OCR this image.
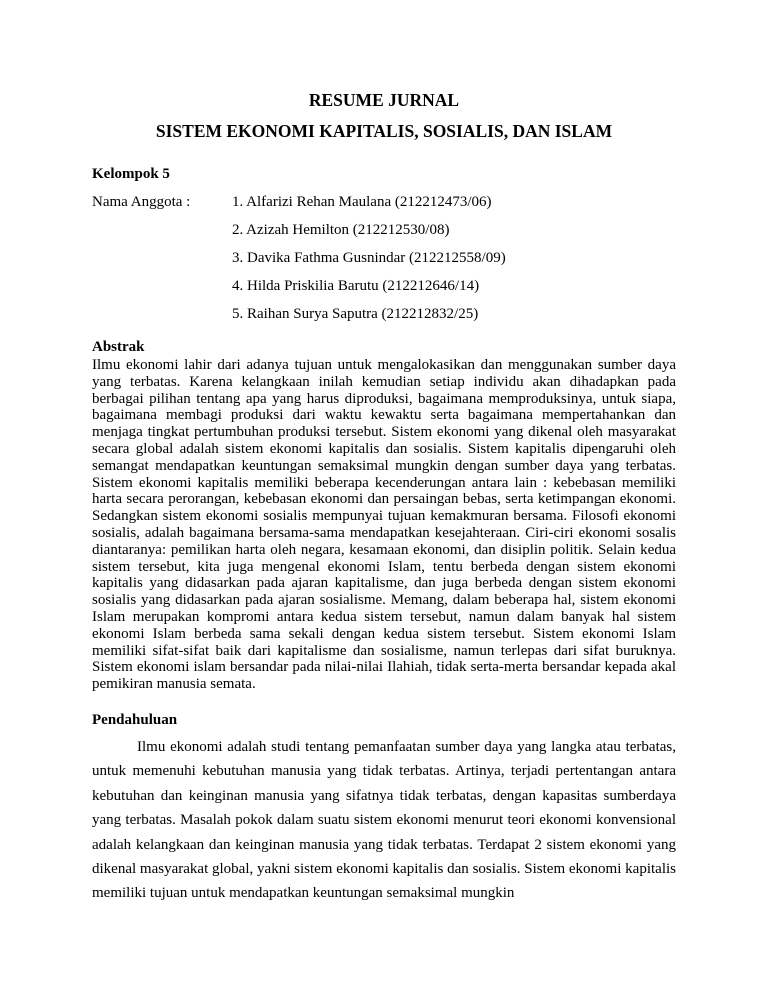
RESUME JURNAL
SISTEM EKONOMI KAPITALIS, SOSIALIS, DAN ISLAM
Kelompok 5
Nama Anggota :	1. Alfarizi Rehan Maulana (212212473/06)
2. Azizah Hemilton (212212530/08)
3. Davika Fathma Gusnindar (212212558/09)
4. Hilda Priskilia Barutu (212212646/14)
5. Raihan Surya Saputra (212212832/25)
Abstrak

Ilmu ekonomi lahir dari adanya tujuan untuk mengalokasikan dan menggunakan sumber daya yang terbatas. Karena kelangkaan inilah kemudian setiap individu akan dihadapkan pada berbagai pilihan tentang apa yang harus diproduksi, bagaimana memproduksinya, untuk siapa, bagaimana membagi produksi dari waktu kewaktu serta bagaimana mempertahankan dan menjaga tingkat pertumbuhan produksi tersebut. Sistem ekonomi yang dikenal oleh masyarakat secara global adalah sistem ekonomi kapitalis dan sosialis. Sistem kapitalis dipengaruhi oleh semangat mendapatkan keuntungan semaksimal mungkin dengan sumber daya yang terbatas. Sistem ekonomi kapitalis memiliki beberapa kecenderungan antara lain : kebebasan memiliki harta secara perorangan, kebebasan ekonomi dan persaingan bebas, serta ketimpangan ekonomi. Sedangkan sistem ekonomi sosialis mempunyai tujuan kemakmuran bersama. Filosofi ekonomi sosialis, adalah bagaimana bersama-sama mendapatkan kesejahteraan. Ciri-ciri ekonomi sosalis diantaranya: pemilikan harta oleh negara, kesamaan ekonomi, dan disiplin politik. Selain kedua sistem tersebut, kita juga mengenal ekonomi Islam, tentu berbeda dengan sistem ekonomi kapitalis yang didasarkan pada ajaran kapitalisme, dan juga berbeda dengan sistem ekonomi sosialis yang didasarkan pada ajaran sosialisme. Memang, dalam beberapa hal, sistem ekonomi Islam merupakan kompromi antara kedua sistem tersebut, namun dalam banyak hal sistem ekonomi Islam berbeda sama sekali dengan kedua sistem tersebut. Sistem ekonomi Islam memiliki sifat-sifat baik dari kapitalisme dan sosialisme, namun terlepas dari sifat buruknya. Sistem ekonomi islam bersandar pada nilai-nilai Ilahiah, tidak serta-merta bersandar kepada akal pemikiran manusia semata.

Pendahuluan

Ilmu ekonomi adalah studi tentang pemanfaatan sumber daya yang langka atau terbatas, untuk memenuhi kebutuhan manusia yang tidak terbatas. Artinya, terjadi pertentangan antara kebutuhan dan keinginan manusia yang sifatnya tidak terbatas, dengan kapasitas sumberdaya yang terbatas. Masalah pokok dalam suatu sistem ekonomi menurut teori ekonomi konvensional adalah kelangkaan dan keinginan manusia yang tidak terbatas. Terdapat 2 sistem ekonomi yang dikenal masyarakat global, yakni sistem ekonomi kapitalis dan sosialis. Sistem ekonomi kapitalis memiliki tujuan untuk mendapatkan keuntungan semaksimal mungkin
